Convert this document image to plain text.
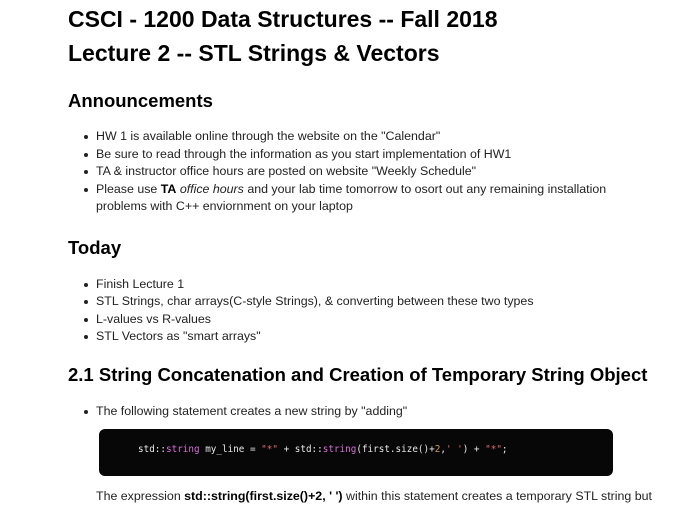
CSCI - 1200 Data Structures -- Fall 2018
Lecture 2 -- STL Strings & Vectors
Announcements
HW 1 is available online through the website on the "Calendar"
Be sure to read through the information as you start implementation of HW1
TA & instructor office hours are posted on website "Weekly Schedule"
Please use TA office hours and your lab time tomorrow to osort out any remaining installation problems with C++ enviornment on your laptop
Today
Finish Lecture 1
STL Strings, char arrays(C-style Strings), & converting between these two types
L-values vs R-values
STL Vectors as "smart arrays"
2.1 String Concatenation and Creation of Temporary String Object
The following statement creates a new string by "adding"
std::string my_line = "*" + std::string(first.size()+2,' ') + "*";

The expression std::string(first.size()+2, ' ') within this statement creates a temporary STL string but
